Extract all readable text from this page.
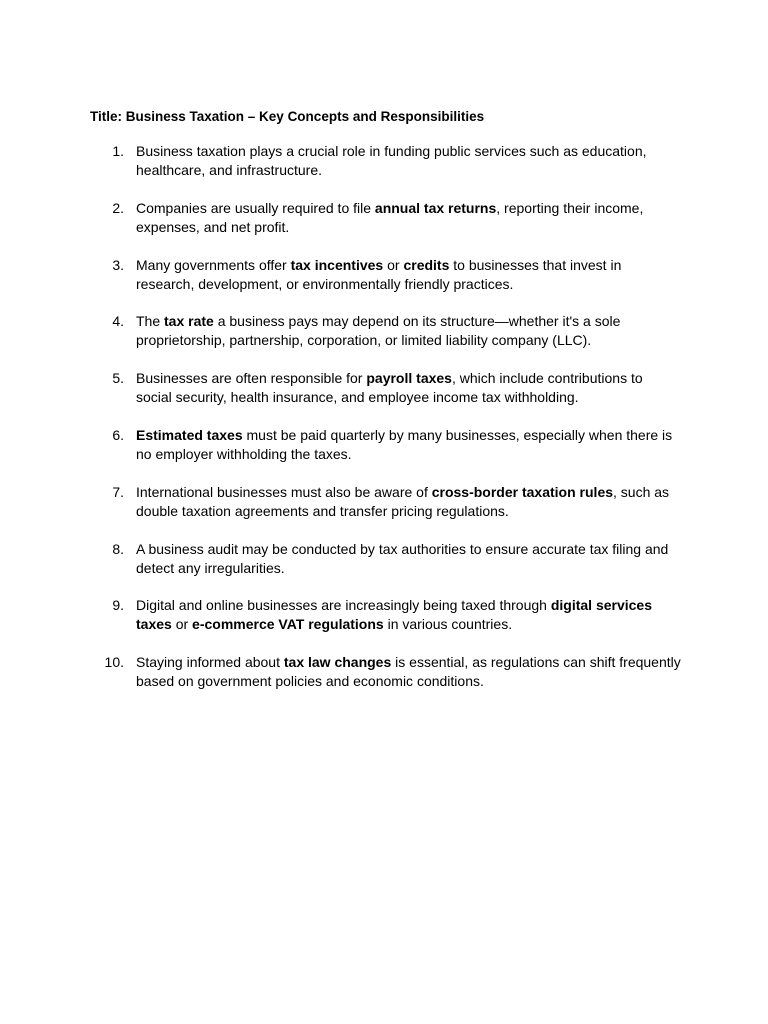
Title: Business Taxation – Key Concepts and Responsibilities
1. Business taxation plays a crucial role in funding public services such as education, healthcare, and infrastructure.
2. Companies are usually required to file annual tax returns, reporting their income, expenses, and net profit.
3. Many governments offer tax incentives or credits to businesses that invest in research, development, or environmentally friendly practices.
4. The tax rate a business pays may depend on its structure—whether it's a sole proprietorship, partnership, corporation, or limited liability company (LLC).
5. Businesses are often responsible for payroll taxes, which include contributions to social security, health insurance, and employee income tax withholding.
6. Estimated taxes must be paid quarterly by many businesses, especially when there is no employer withholding the taxes.
7. International businesses must also be aware of cross-border taxation rules, such as double taxation agreements and transfer pricing regulations.
8. A business audit may be conducted by tax authorities to ensure accurate tax filing and detect any irregularities.
9. Digital and online businesses are increasingly being taxed through digital services taxes or e-commerce VAT regulations in various countries.
10. Staying informed about tax law changes is essential, as regulations can shift frequently based on government policies and economic conditions.
